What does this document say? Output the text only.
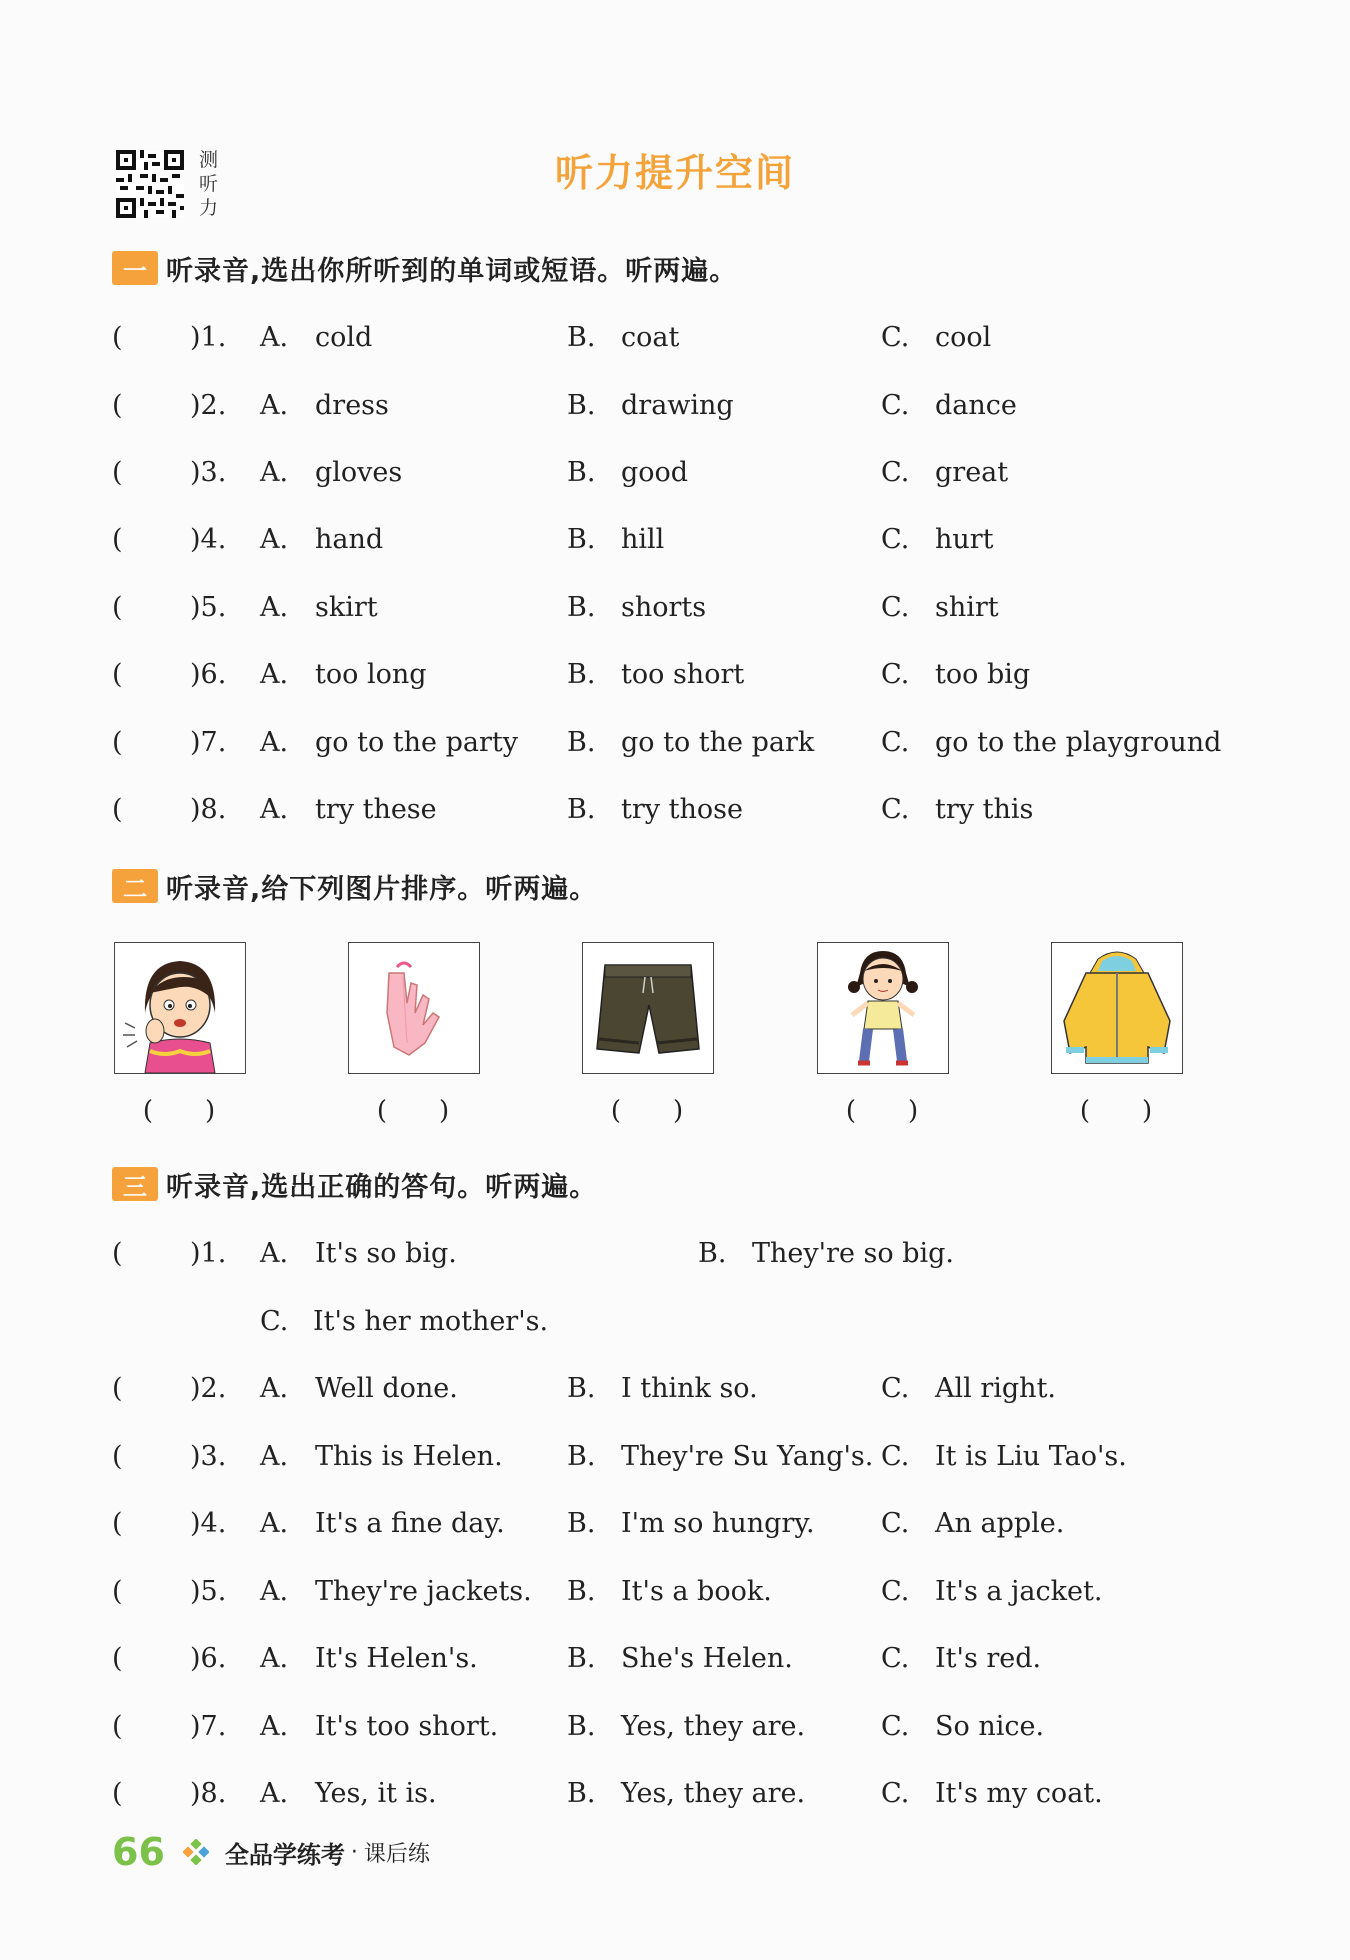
测
听
力
听力提升空间
一 听录音,选出你所听到的单词或短语。听两遍。
( )1. A. cold	B. coat	C. cool
( )2. A. dress	B. drawing	C. dance
( )3. A. gloves	B. good	C. great
( )4. A. hand	B. hill	C. hurt
( )5. A. skirt	B. shorts	C. shirt
( )6. A. too long	B. too short	C. too big
( )7. A. go to the party B. go to the park C. go to the playground
( )8. A. try these	B. try those	C. try this
二 听录音,给下列图片排序。听两遍。
(　　)	(　　)	(　　)	(　　)	(　　)
三 听录音,选出正确的答句。听两遍。
( )1. A. It's so big.	B. They're so big.
C. It's her mother's.
( )2. A. Well done.	B. I think so.	C. All right.
( )3. A. This is Helen. B. They're Su Yang's. C. It is Liu Tao's.
( )4. A. It's a fine day. B. I'm so hungry. C. An apple.
( )5. A. They're jackets. B. It's a book.	C. It's a jacket.
( )6. A. It's Helen's.	B. She's Helen.	C. It's red.
( )7. A. It's too short.	B. Yes, they are.	C. So nice.
( )8. A. Yes, it is.	B. Yes, they are.	C. It's my coat.
66	全品学练考 · 课后练
